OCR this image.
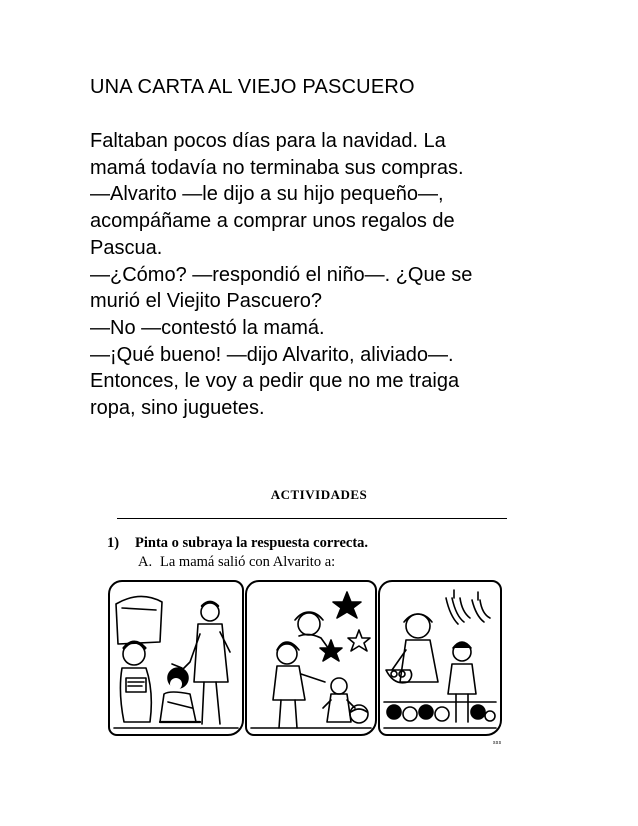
UNA CARTA AL VIEJO PASCUERO

Faltaban pocos días para la navidad. La

mamá todavía no terminaba sus compras.

—Alvarito —le dijo a su hijo pequeño—,

acompáñame a comprar unos regalos de

Pascua.

—¿Cómo? —respondió el niño—. ¿Que se

murió el Viejito Pascuero?

—No —contestó la mamá.

—¡Qué bueno! —dijo Alvarito, aliviado—.

Entonces, le voy a pedir que no me traiga

ropa, sino juguetes.

ACTIVIDADES
1) Pinta o subraya la respuesta correcta.
A. La mamá salió con Alvarito a:
sss
